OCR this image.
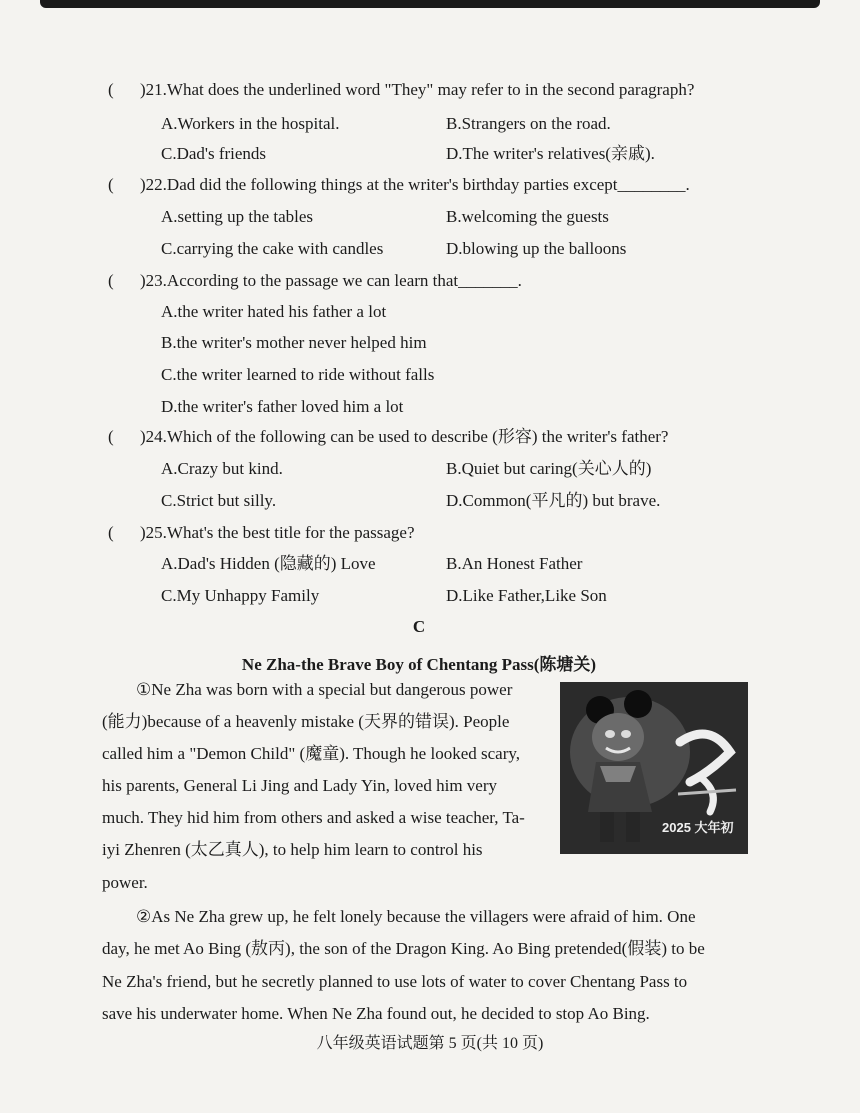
( )21.What does the underlined word "They" may refer to in the second paragraph?
A.Workers in the hospital.	B.Strangers on the road.
C.Dad's friends	D.The writer's relatives(亲戚).
( )22.Dad did the following things at the writer's birthday parties except________.
A.setting up the tables	B.welcoming the guests
C.carrying the cake with candles	D.blowing up the balloons
( )23.According to the passage we can learn that_______.
A.the writer hated his father a lot
B.the writer's mother never helped him
C.the writer learned to ride without falls
D.the writer's father loved him a lot
( )24.Which of the following can be used to describe (形容) the writer's father?
A.Crazy but kind.	B.Quiet but caring(关心人的)
C.Strict but silly.	D.Common(平凡的) but brave.
( )25.What's the best title for the passage?
A.Dad's Hidden (隐藏的) Love	B.An Honest Father
C.My Unhappy Family	D.Like Father,Like Son
C
Ne Zha-the Brave Boy of Chentang Pass(陈塘关)
①Ne Zha was born with a special but dangerous power
(能力)because of a heavenly mistake (天界的错误). People
called him a "Demon Child" (魔童). Though he looked scary,
his parents, General Li Jing and Lady Yin, loved him very
much. They hid him from others and asked a wise teacher, Ta-
iyi Zhenren (太乙真人), to help him learn to control his
power.
2025 大年初
②As Ne Zha grew up, he felt lonely because the villagers were afraid of him. One
day, he met Ao Bing (敖丙), the son of the Dragon King. Ao Bing pretended(假装) to be
Ne Zha's friend, but he secretly planned to use lots of water to cover Chentang Pass to
save his underwater home. When Ne Zha found out, he decided to stop Ao Bing.
八年级英语试题第 5 页(共 10 页)
